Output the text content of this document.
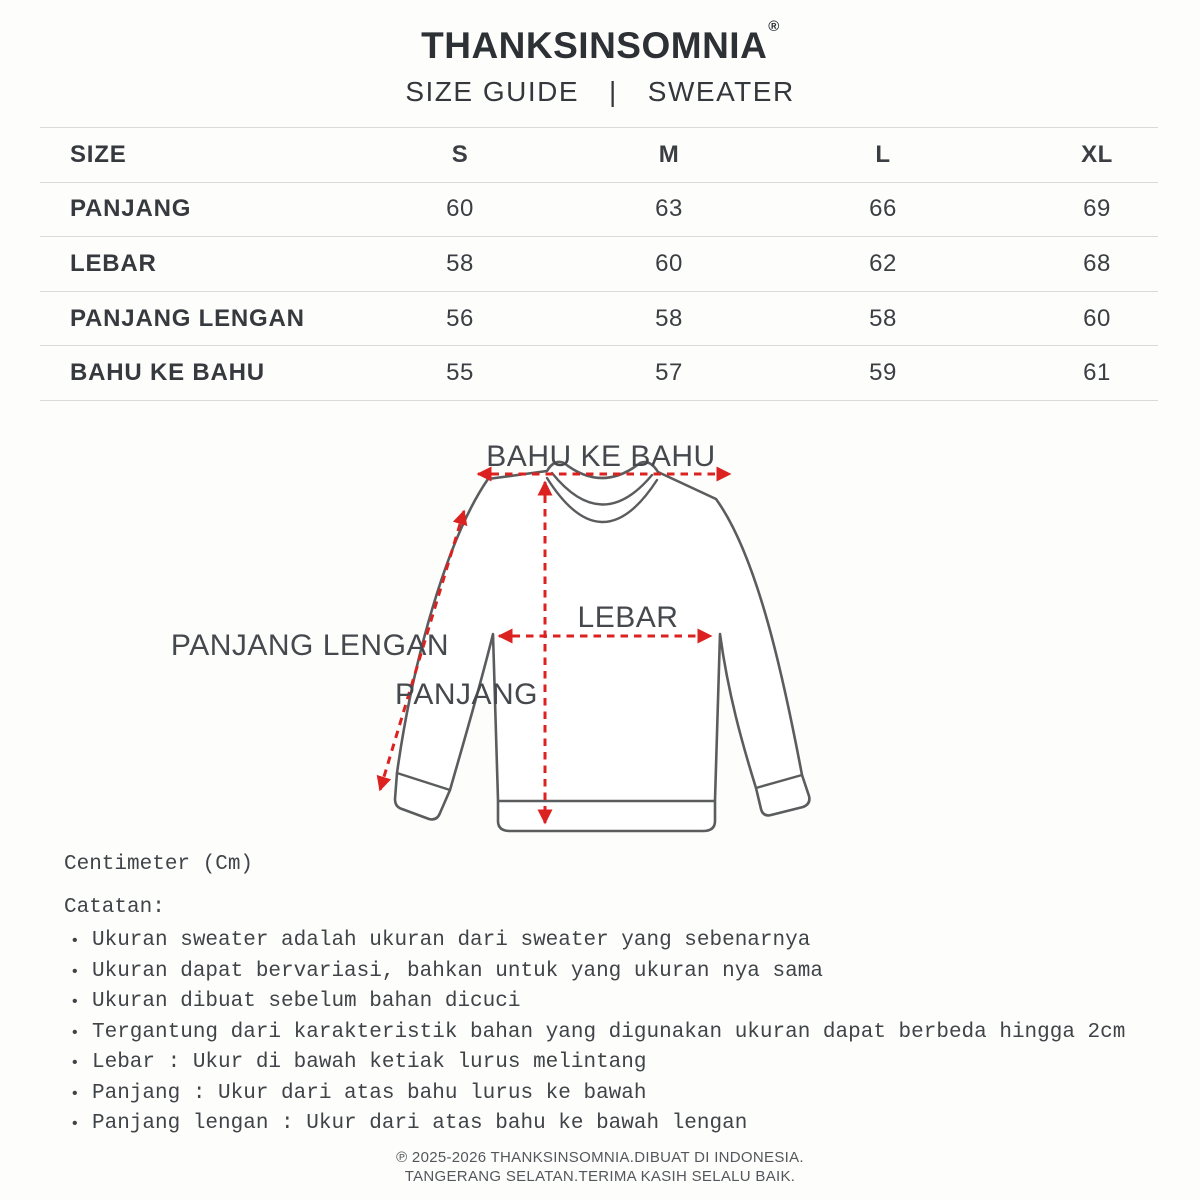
THANKSINSOMNIA®
SIZE GUIDE | SWEATER
SIZE	S	M	L	XL
PANJANG	60	63	66	69
LEBAR	58	60	62	68
PANJANG LENGAN	56	58	58	60
BAHU KE BAHU	55	57	59	61
BAHU KE BAHU
PANJANG LENGAN
LEBAR
PANJANG
Centimeter (Cm)
Catatan:
• Ukuran sweater adalah ukuran dari sweater yang sebenarnya
• Ukuran dapat bervariasi, bahkan untuk yang ukuran nya sama
• Ukuran dibuat sebelum bahan dicuci
• Tergantung dari karakteristik bahan yang digunakan ukuran dapat berbeda hingga 2cm
• Lebar : Ukur di bawah ketiak lurus melintang
• Panjang : Ukur dari atas bahu lurus ke bawah
• Panjang lengan : Ukur dari atas bahu ke bawah lengan
℗ 2025-2026 THANKSINSOMNIA.DIBUAT DI INDONESIA.
TANGERANG SELATAN.TERIMA KASIH SELALU BAIK.
